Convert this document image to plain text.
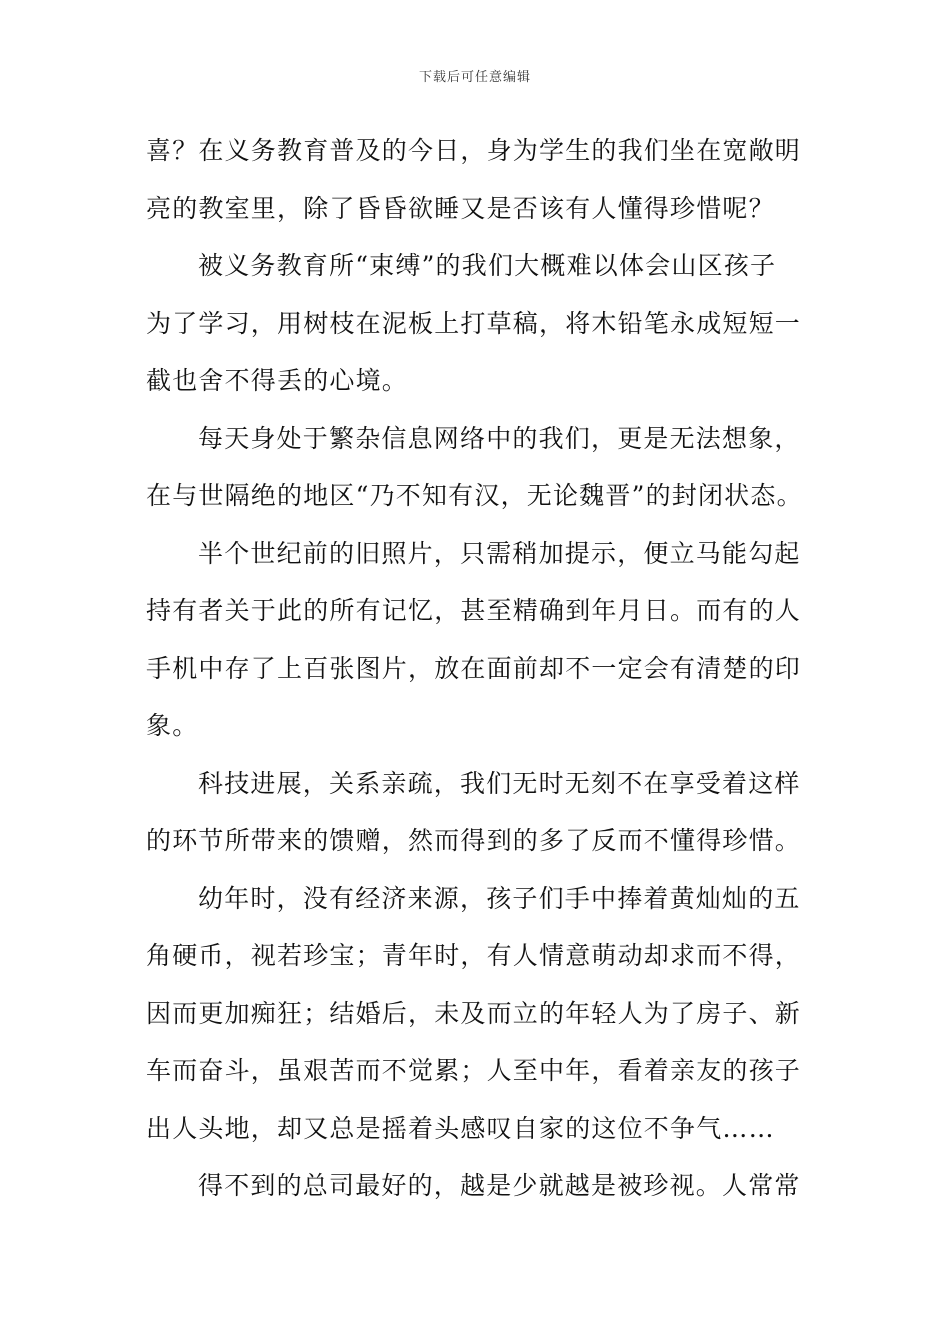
下载后可任意编辑
喜？在义务教育普及的今日，身为学生的我们坐在宽敞明
亮的教室里，除了昏昏欲睡又是否该有人懂得珍惜呢？
被义务教育所“束缚”的我们大概难以体会山区孩子
为了学习，用树枝在泥板上打草稿，将木铅笔永成短短一
截也舍不得丢的心境。
每天身处于繁杂信息网络中的我们，更是无法想象，
在与世隔绝的地区“乃不知有汉，无论魏晋”的封闭状态。
半个世纪前的旧照片，只需稍加提示，便立马能勾起
持有者关于此的所有记忆，甚至精确到年月日。而有的人
手机中存了上百张图片，放在面前却不一定会有清楚的印
象。
科技进展，关系亲疏，我们无时无刻不在享受着这样
的环节所带来的馈赠，然而得到的多了反而不懂得珍惜。
幼年时，没有经济来源，孩子们手中捧着黄灿灿的五
角硬币，视若珍宝；青年时，有人情意萌动却求而不得，
因而更加痴狂；结婚后，未及而立的年轻人为了房子、新
车而奋斗，虽艰苦而不觉累；人至中年，看着亲友的孩子
出人头地，却又总是摇着头感叹自家的这位不争气……
得不到的总司最好的，越是少就越是被珍视。人常常
